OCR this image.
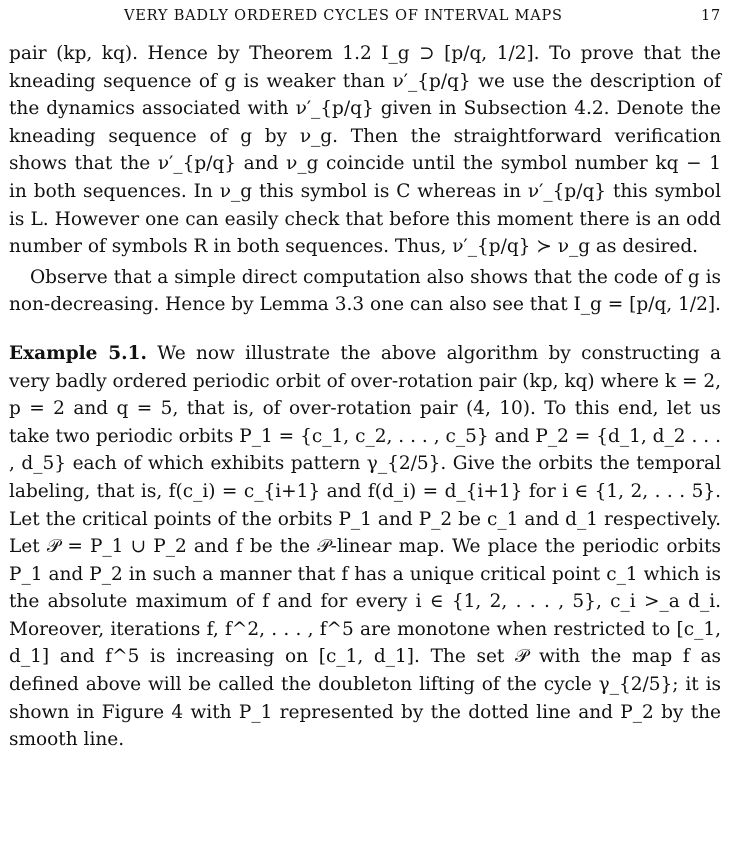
VERY BADLY ORDERED CYCLES OF INTERVAL MAPS	17

pair (kp, kq). Hence by Theorem 1.2 I_g ⊃ [p/q, 1/2]. To prove that the kneading sequence of g is weaker than ν′_{p/q} we use the description of the dynamics associated with ν′_{p/q} given in Subsection 4.2. Denote the kneading sequence of g by ν_g. Then the straightforward verification shows that the ν′_{p/q} and ν_g coincide until the symbol number kq − 1 in both sequences. In ν_g this symbol is C whereas in ν′_{p/q} this symbol is L. However one can easily check that before this moment there is an odd number of symbols R in both sequences. Thus, ν′_{p/q} ≻ ν_g as desired.

Observe that a simple direct computation also shows that the code of g is non-decreasing. Hence by Lemma 3.3 one can also see that I_g = [p/q, 1/2].

Example 5.1. We now illustrate the above algorithm by constructing a very badly ordered periodic orbit of over-rotation pair (kp, kq) where k = 2, p = 2 and q = 5, that is, of over-rotation pair (4, 10). To this end, let us take two periodic orbits P_1 = {c_1, c_2, . . . , c_5} and P_2 = {d_1, d_2 . . . , d_5} each of which exhibits pattern γ_{2/5}. Give the orbits the temporal labeling, that is, f(c_i) = c_{i+1} and f(d_i) = d_{i+1} for i ∈ {1, 2, . . . 5}. Let the critical points of the orbits P_1 and P_2 be c_1 and d_1 respectively. Let 𝒫 = P_1 ∪ P_2 and f be the 𝒫-linear map. We place the periodic orbits P_1 and P_2 in such a manner that f has a unique critical point c_1 which is the absolute maximum of f and for every i ∈ {1, 2, . . . , 5}, c_i >_a d_i. Moreover, iterations f, f^2, . . . , f^5 are monotone when restricted to [c_1, d_1] and f^5 is increasing on [c_1, d_1]. The set 𝒫 with the map f as defined above will be called the doubleton lifting of the cycle γ_{2/5}; it is shown in Figure 4 with P_1 represented by the dotted line and P_2 by the smooth line.
